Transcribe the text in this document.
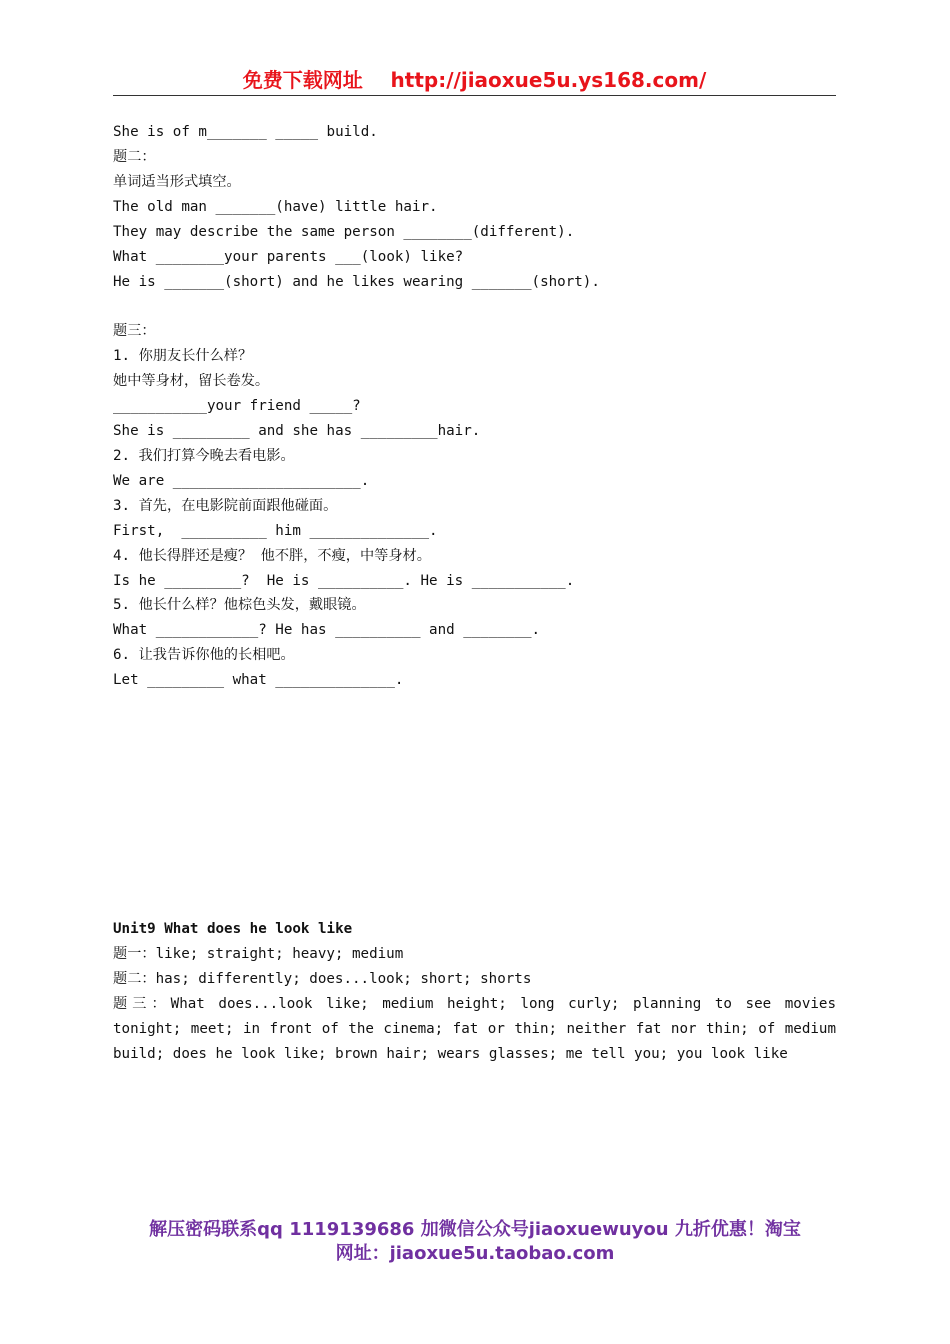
免费下载网址    http://jiaoxue5u.ys168.com/
She is of m_______ _____ build.
题二：
单词适当形式填空。
The old man _______(have) little hair.
They may describe the same person ________(different).
What ________your parents ___(look) like?
He is _______(short) and he likes wearing _______(short).
题三：
1. 你朋友长什么样？
她中等身材，留长卷发。
___________your friend _____?
She is _________ and she has _________hair.
2. 我们打算今晚去看电影。
We are ______________________.
3. 首先，在电影院前面跟他碰面。
First,  __________ him ______________.
4. 他长得胖还是瘦？ 他不胖，不瘦，中等身材。
Is he _________?  He is __________. He is ___________.
5. 他长什么样？他棕色头发，戴眼镜。
What ____________? He has __________ and ________.
6. 让我告诉你他的长相吧。
Let _________ what ______________.
Unit9 What does he look like
题一：like; straight; heavy; medium
题二：has; differently; does...look; short; shorts
题三：What does...look like; medium height; long curly; planning to see movies tonight; meet; in front of the cinema; fat or thin; neither fat nor thin; of medium build; does he look like; brown hair; wears glasses; me tell you; you look like
解压密码联系qq 1119139686 加微信公众号jiaoxuewuyou 九折优惠！淘宝
网址：jiaoxue5u.taobao.com
